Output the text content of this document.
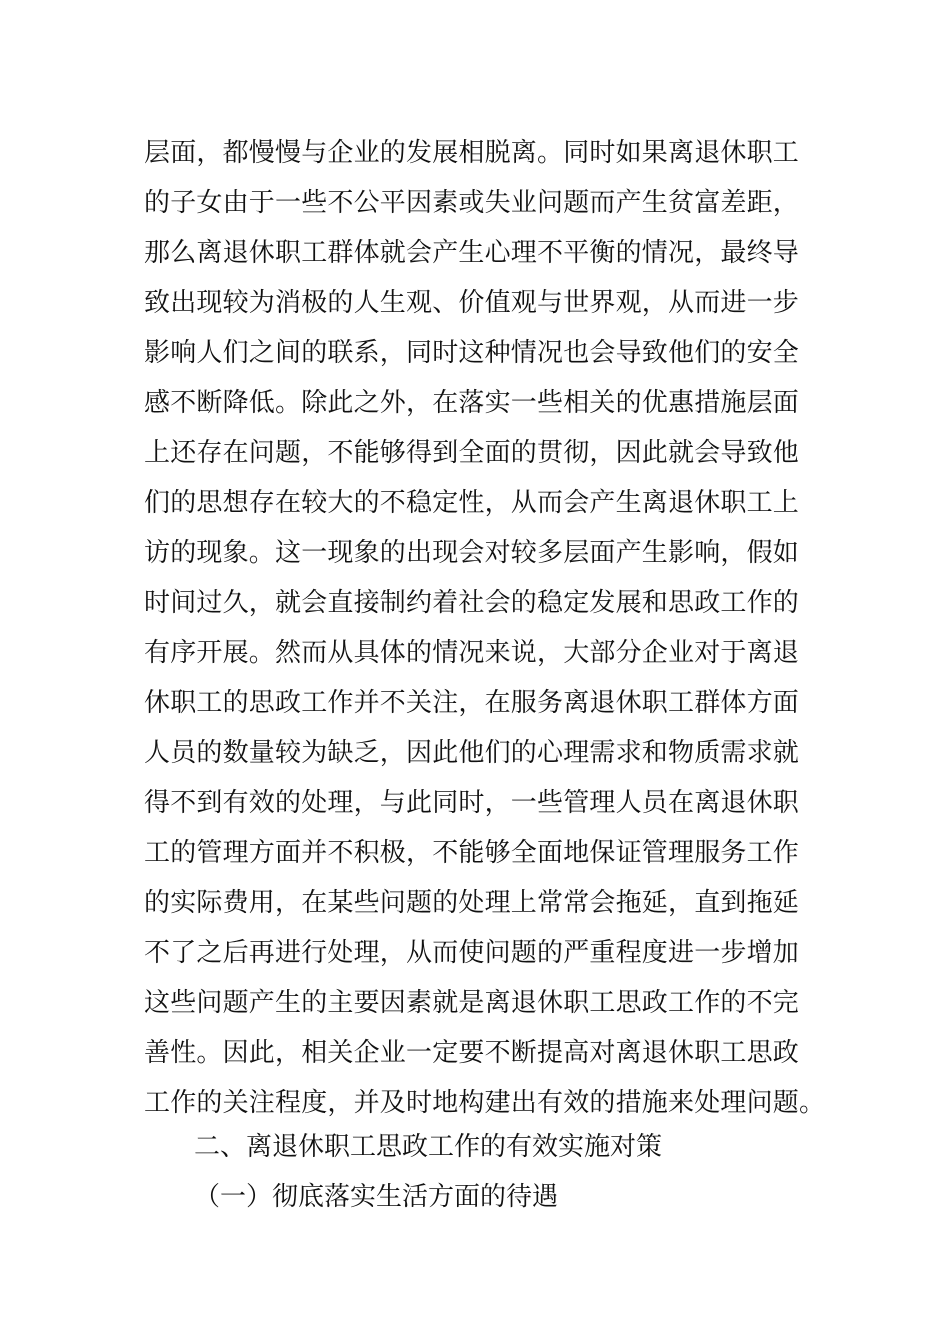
层面，都慢慢与企业的发展相脱离。同时如果离退休职工
的子女由于一些不公平因素或失业问题而产生贫富差距，
那么离退休职工群体就会产生心理不平衡的情况，最终导
致出现较为消极的人生观、价值观与世界观，从而进一步
影响人们之间的联系，同时这种情况也会导致他们的安全
感不断降低。除此之外，在落实一些相关的优惠措施层面
上还存在问题，不能够得到全面的贯彻，因此就会导致他
们的思想存在较大的不稳定性，从而会产生离退休职工上
访的现象。这一现象的出现会对较多层面产生影响，假如
时间过久，就会直接制约着社会的稳定发展和思政工作的
有序开展。然而从具体的情况来说，大部分企业对于离退
休职工的思政工作并不关注，在服务离退休职工群体方面
人员的数量较为缺乏，因此他们的心理需求和物质需求就
得不到有效的处理，与此同时，一些管理人员在离退休职
工的管理方面并不积极，不能够全面地保证管理服务工作
的实际费用，在某些问题的处理上常常会拖延，直到拖延
不了之后再进行处理，从而使问题的严重程度进一步增加
这些问题产生的主要因素就是离退休职工思政工作的不完
善性。因此，相关企业一定要不断提高对离退休职工思政
工作的关注程度，并及时地构建出有效的措施来处理问题。
二、离退休职工思政工作的有效实施对策
（一）彻底落实生活方面的待遇
